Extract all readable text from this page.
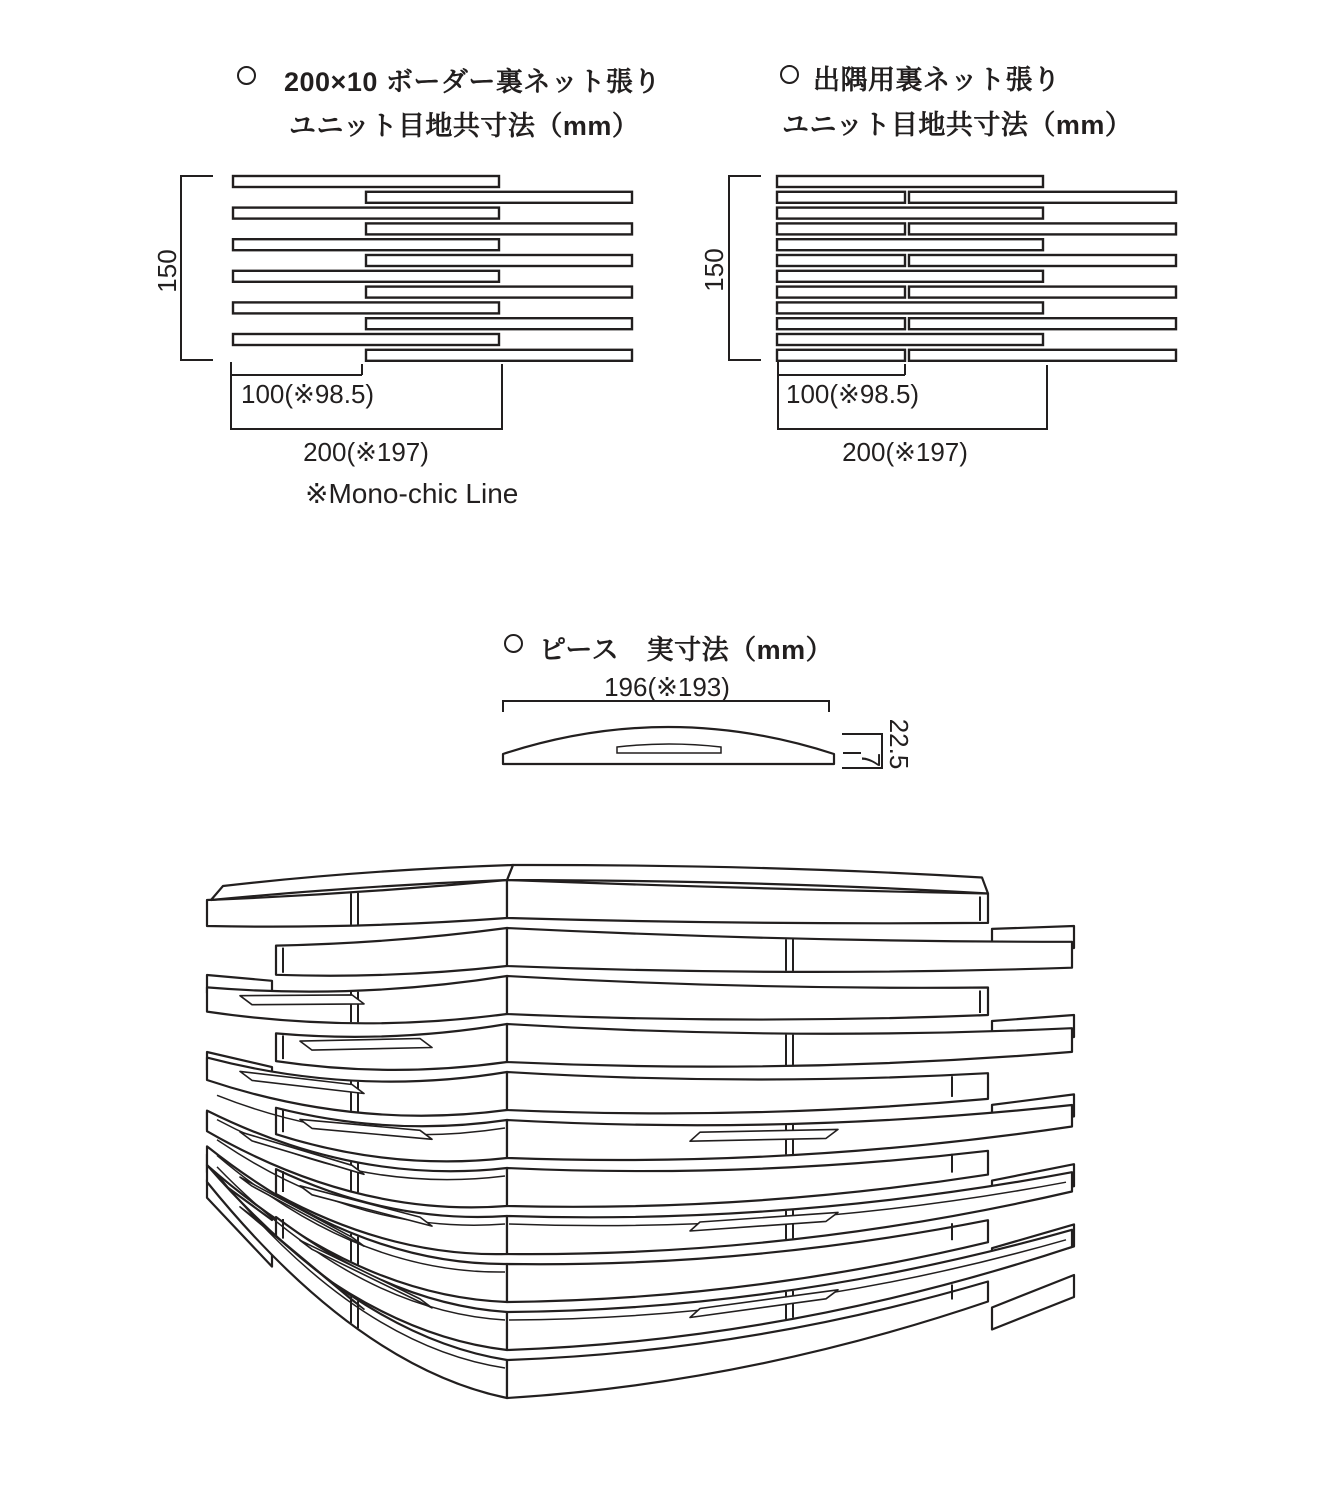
200×10 ボーダー裏ネット張り
ユニット目地共寸法（mm）
出隅用裏ネット張り
ユニット目地共寸法（mm）
ピース　実寸法（mm）
150
100(※98.5)
200(※197)
※Mono-chic Line
150
100(※98.5)
200(※197)
196(※193)
22.5
7
